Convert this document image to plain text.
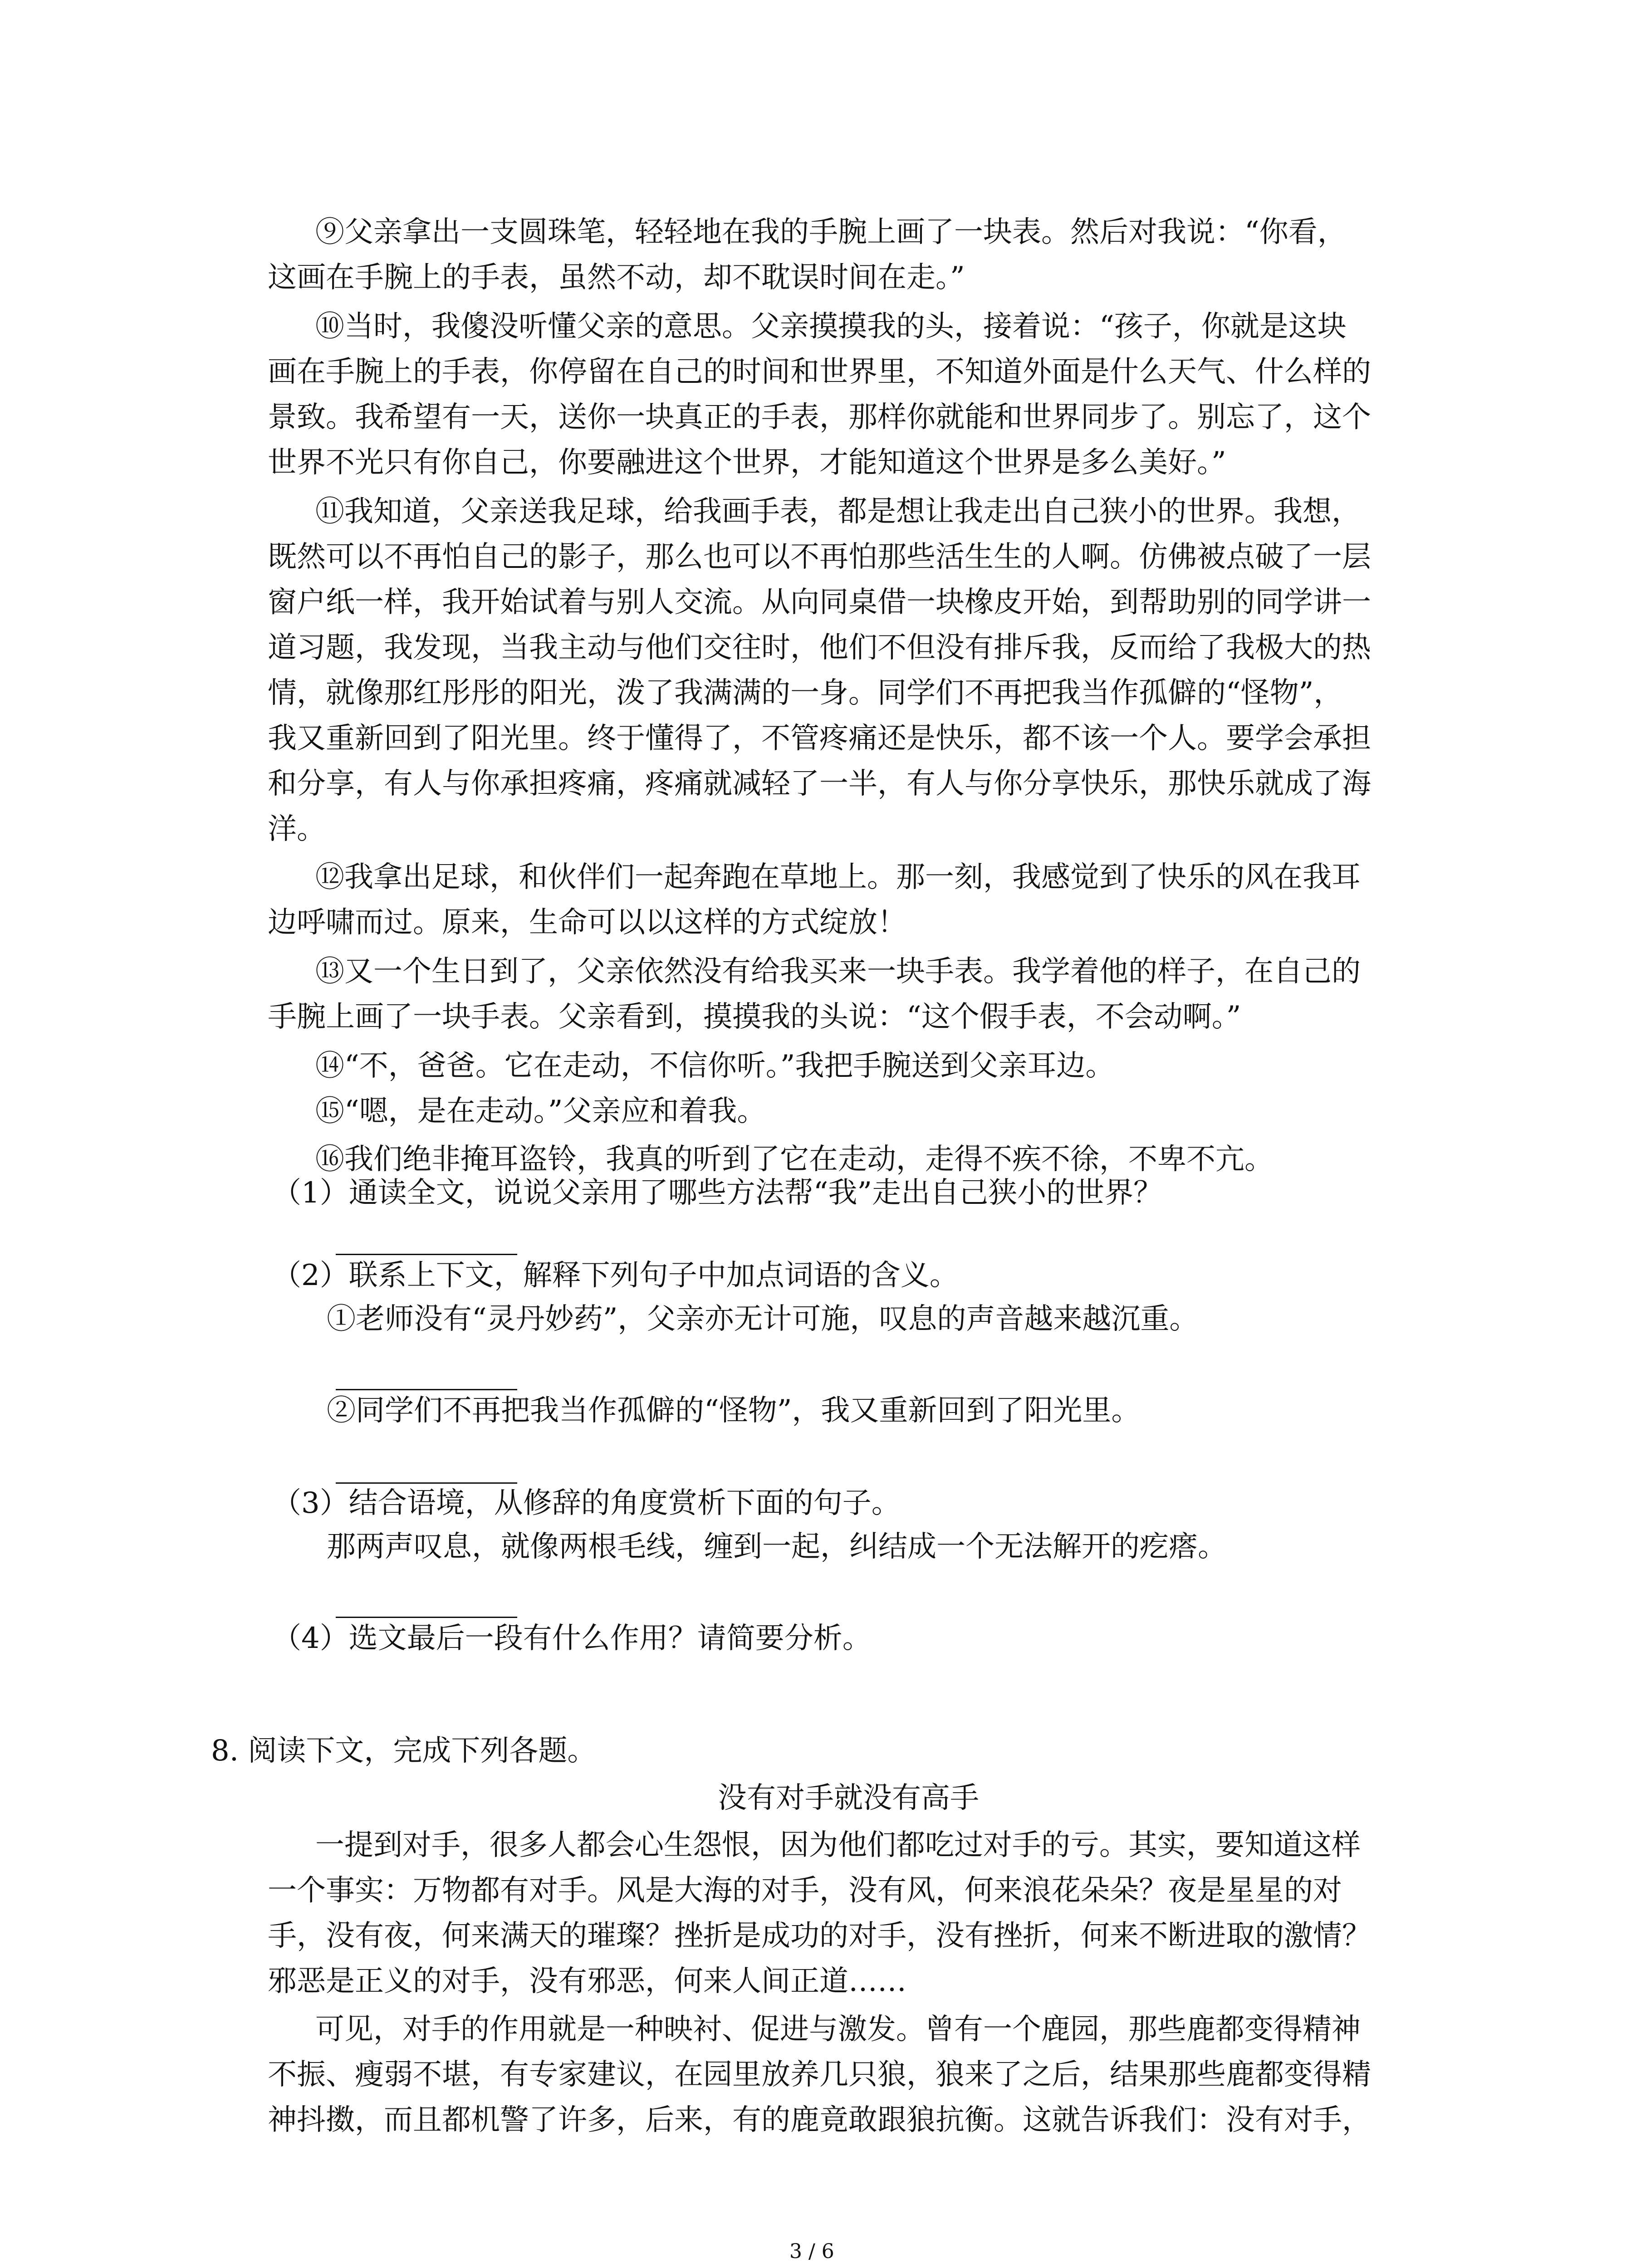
⑨父亲拿出一支圆珠笔，轻轻地在我的手腕上画了一块表。然后对我说：“你看，
这画在手腕上的手表，虽然不动，却不耽误时间在走。”
⑩当时，我傻没听懂父亲的意思。父亲摸摸我的头，接着说：“孩子，你就是这块
画在手腕上的手表，你停留在自己的时间和世界里，不知道外面是什么天气、什么样的
景致。我希望有一天，送你一块真正的手表，那样你就能和世界同步了。别忘了，这个
世界不光只有你自己，你要融进这个世界，才能知道这个世界是多么美好。”
⑪我知道，父亲送我足球，给我画手表，都是想让我走出自己狭小的世界。我想，
既然可以不再怕自己的影子，那么也可以不再怕那些活生生的人啊。仿佛被点破了一层
窗户纸一样，我开始试着与别人交流。从向同桌借一块橡皮开始，到帮助别的同学讲一
道习题，我发现，当我主动与他们交往时，他们不但没有排斥我，反而给了我极大的热
情，就像那红彤彤的阳光，泼了我满满的一身。同学们不再把我当作孤僻的“怪物”，
我又重新回到了阳光里。终于懂得了，不管疼痛还是快乐，都不该一个人。要学会承担
和分享，有人与你承担疼痛，疼痛就减轻了一半，有人与你分享快乐，那快乐就成了海
洋。
⑫我拿出足球，和伙伴们一起奔跑在草地上。那一刻，我感觉到了快乐的风在我耳
边呼啸而过。原来，生命可以以这样的方式绽放！
⑬又一个生日到了，父亲依然没有给我买来一块手表。我学着他的样子，在自己的
手腕上画了一块手表。父亲看到，摸摸我的头说：“这个假手表，不会动啊。”
⑭“不，爸爸。它在走动，不信你听。”我把手腕送到父亲耳边。
⑮“嗯，是在走动。”父亲应和着我。
⑯我们绝非掩耳盗铃，我真的听到了它在走动，走得不疾不徐，不卑不亢。
（1）通读全文，说说父亲用了哪些方法帮“我”走出自己狭小的世界？
（2）联系上下文，解释下列句子中加点词语的含义。
①老师没有“灵丹妙药”，父亲亦无计可施，叹息的声音越来越沉重。
②同学们不再把我当作孤僻的“怪物”，我又重新回到了阳光里。
（3）结合语境，从修辞的角度赏析下面的句子。
那两声叹息，就像两根毛线，缠到一起，纠结成一个无法解开的疙瘩。
（4）选文最后一段有什么作用？请简要分析。
8. 阅读下文，完成下列各题。
没有对手就没有高手
一提到对手，很多人都会心生怨恨，因为他们都吃过对手的亏。其实，要知道这样
一个事实：万物都有对手。风是大海的对手，没有风，何来浪花朵朵？夜是星星的对
手，没有夜，何来满天的璀璨？挫折是成功的对手，没有挫折，何来不断进取的激情？
邪恶是正义的对手，没有邪恶，何来人间正道……
可见，对手的作用就是一种映衬、促进与激发。曾有一个鹿园，那些鹿都变得精神
不振、瘦弱不堪，有专家建议，在园里放养几只狼，狼来了之后，结果那些鹿都变得精
神抖擞，而且都机警了许多，后来，有的鹿竟敢跟狼抗衡。这就告诉我们：没有对手，
3 / 6
